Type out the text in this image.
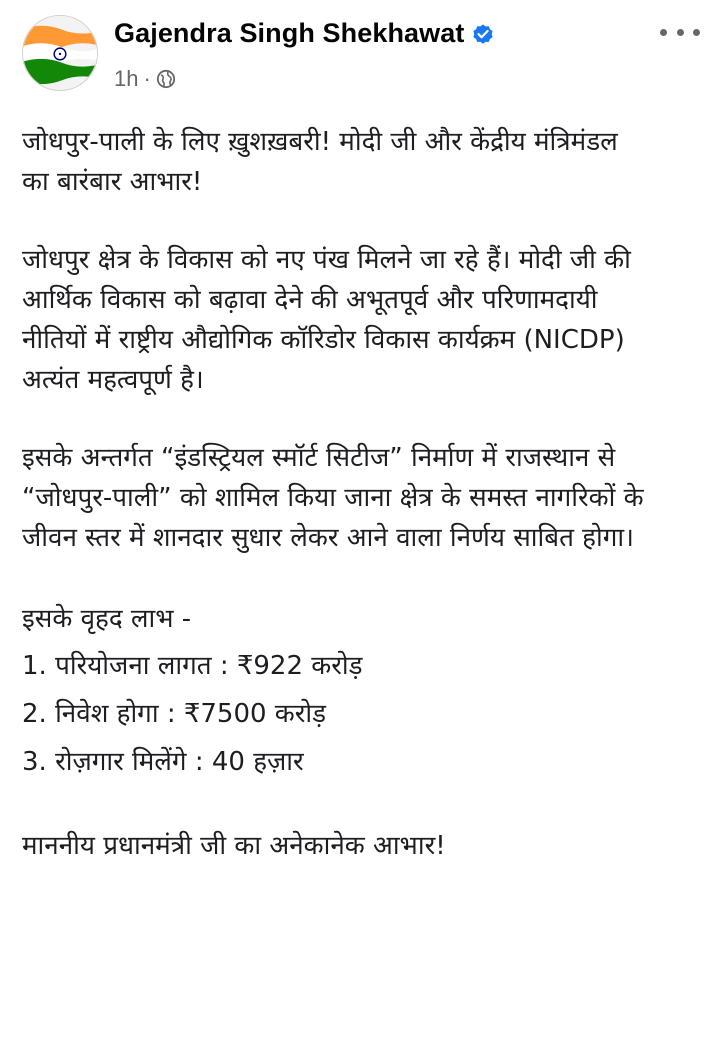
Gajendra Singh Shekhawat
1h ·

जोधपुर-पाली के लिए ख़ुशख़बरी! मोदी जी और केंद्रीय मंत्रिमंडल
का बारंबार आभार!

जोधपुर क्षेत्र के विकास को नए पंख मिलने जा रहे हैं। मोदी जी की
आर्थिक विकास को बढ़ावा देने की अभूतपूर्व और परिणामदायी
नीतियों में राष्ट्रीय औद्योगिक कॉरिडोर विकास कार्यक्रम (NICDP)
अत्यंत महत्वपूर्ण है।

इसके अन्तर्गत “इंडस्ट्रियल स्मॉर्ट सिटीज” निर्माण में राजस्थान से
“जोधपुर-पाली” को शामिल किया जाना क्षेत्र के समस्त नागरिकों के
जीवन स्तर में शानदार सुधार लेकर आने वाला निर्णय साबित होगा।

इसके वृहद लाभ -

1. परियोजना लागत : ₹922 करोड़

2. निवेश होगा : ₹7500 करोड़

3. रोज़गार मिलेंगे : 40 हज़ार

माननीय प्रधानमंत्री जी का अनेकानेक आभार!
